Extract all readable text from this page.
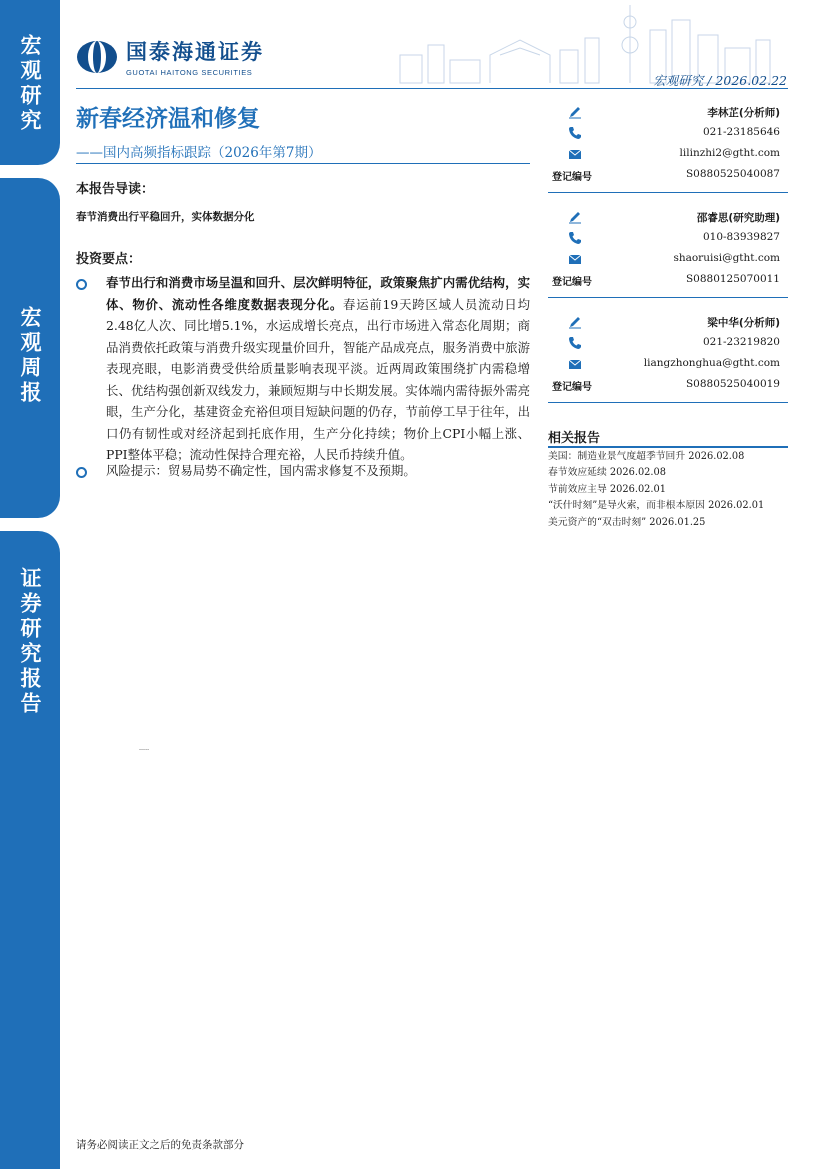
宏观研究
宏观周报
证券研究报告
国泰海通证券
GUOTAI HAITONG SECURITIES
宏观研究 / 2026.02.22
新春经济温和修复
——国内高频指标跟踪（2026年第7期）
本报告导读：
春节消费出行平稳回升，实体数据分化
投资要点：
春节出行和消费市场呈温和回升、层次鲜明特征，政策聚焦扩内需优结构，实体、物价、流动性各维度数据表现分化。春运前19天跨区域人员流动日均2.48亿人次、同比增5.1%，水运成增长亮点，出行市场进入常态化周期；商品消费依托政策与消费升级实现量价回升，智能产品成亮点，服务消费中旅游表现亮眼，电影消费受供给质量影响表现平淡。近两周政策围绕扩内需稳增长、优结构强创新双线发力，兼顾短期与中长期发展。实体端内需待振外需亮眼，生产分化，基建资金充裕但项目短缺问题的仍存，节前停工早于往年，出口仍有韧性或对经济起到托底作用，生产分化持续；物价上CPI小幅上涨、PPI整体平稳；流动性保持合理充裕，人民币持续升值。
风险提示：贸易局势不确定性，国内需求修复不及预期。
李林芷(分析师)
021-23185646
lilinzhi2@gtht.com
登记编号	S0880525040087
邵睿思(研究助理)
010-83939827
shaoruisi@gtht.com
登记编号	S0880125070011
梁中华(分析师)
021-23219820
liangzhonghua@gtht.com
登记编号	S0880525040019
相关报告
美国：制造业景气度超季节回升 2026.02.08
春节效应延续 2026.02.08
节前效应主导 2026.02.01
“沃什时刻”是导火索，而非根本原因 2026.02.01
美元资产的“双击时刻” 2026.01.25
-----
请务必阅读正文之后的免责条款部分
